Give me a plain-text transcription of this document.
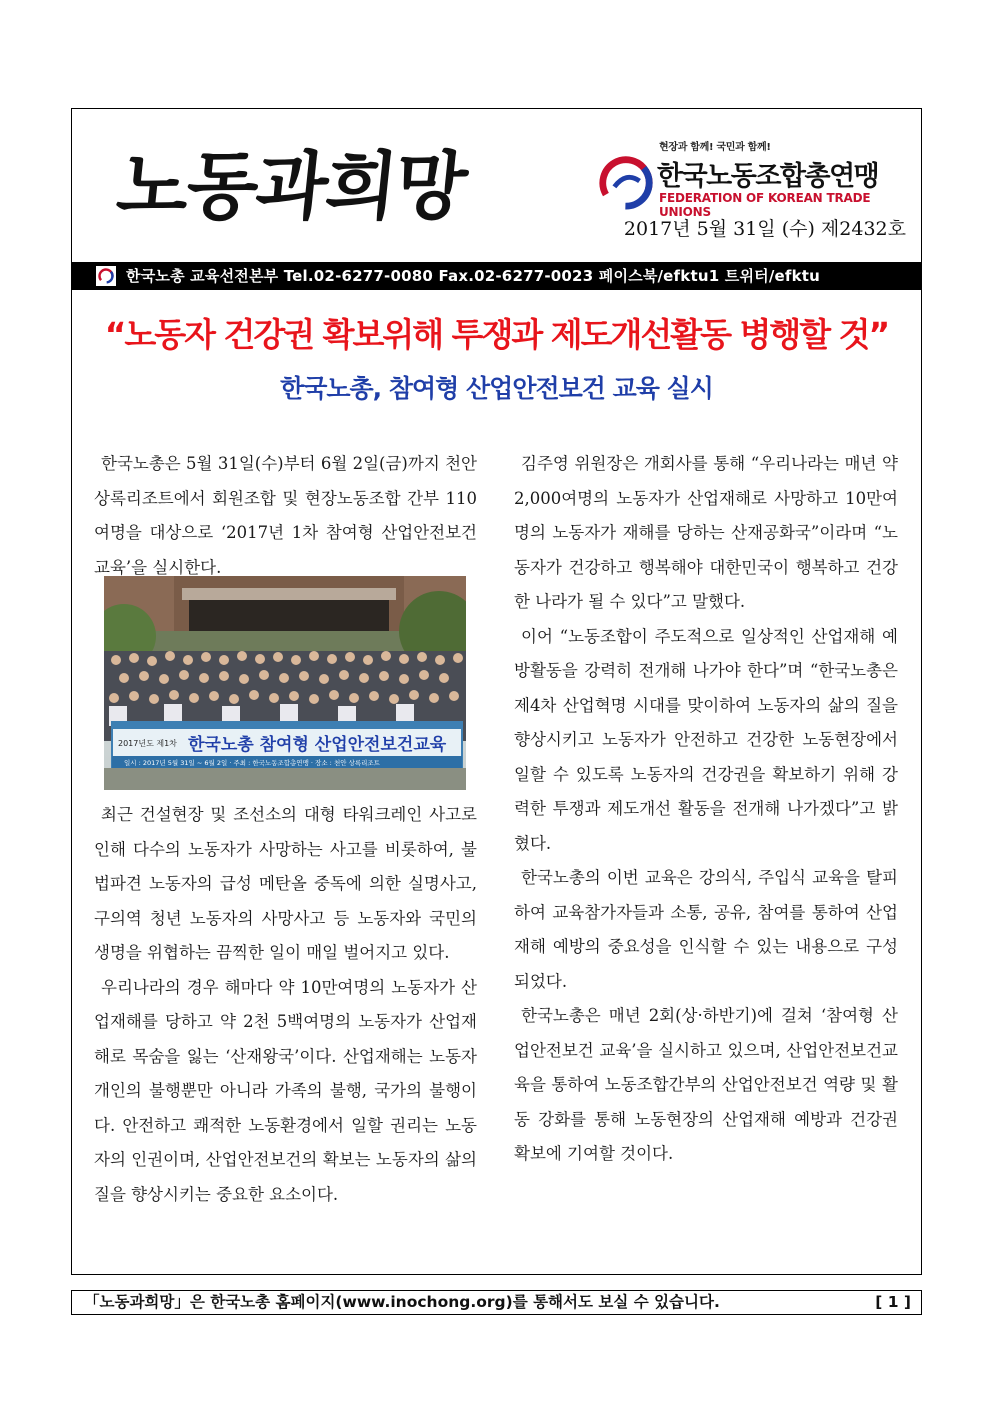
노동과희망	현장과 함께! 국민과 함께!
한국노동조합총연맹
FEDERATION OF KOREAN TRADE UNIONS
2017년 5월 31일 (수) 제2432호
한국노총 교육선전본부 Tel.02-6277-0080 Fax.02-6277-0023 페이스북/efktu1 트위터/efktu
“노동자 건강권 확보위해 투쟁과 제도개선활동 병행할 것”
한국노총, 참여형 산업안전보건 교육 실시

한국노총은 5월 31일(수)부터 6월 2일(금)까지 천안 상록리조트에서 회원조합 및 현장노동조합 간부 110여명을 대상으로 ‘2017년 1차 참여형 산업안전보건 교육’을 실시한다.

2017년도 제1차 한국노총 참여형 산업안전보건교육
일시 : 2017년 5월 31일 ~ 6월 2일 · 주최 : 한국노동조합총연맹 · 장소 : 천안 상록리조트

최근 건설현장 및 조선소의 대형 타워크레인 사고로 인해 다수의 노동자가 사망하는 사고를 비롯하여, 불법파견 노동자의 급성 메탄올 중독에 의한 실명사고, 구의역 청년 노동자의 사망사고 등 노동자와 국민의 생명을 위협하는 끔찍한 일이 매일 벌어지고 있다.

우리나라의 경우 해마다 약 10만여명의 노동자가 산업재해를 당하고 약 2천 5백여명의 노동자가 산업재해로 목숨을 잃는 ‘산재왕국’이다. 산업재해는 노동자 개인의 불행뿐만 아니라 가족의 불행, 국가의 불행이다. 안전하고 쾌적한 노동환경에서 일할 권리는 노동자의 인권이며, 산업안전보건의 확보는 노동자의 삶의 질을 향상시키는 중요한 요소이다.

김주영 위원장은 개회사를 통해 “우리나라는 매년 약 2,000여명의 노동자가 산업재해로 사망하고 10만여명의 노동자가 재해를 당하는 산재공화국”이라며 “노동자가 건강하고 행복해야 대한민국이 행복하고 건강한 나라가 될 수 있다”고 말했다.

이어 “노동조합이 주도적으로 일상적인 산업재해 예방활동을 강력히 전개해 나가야 한다”며 “한국노총은 제4차 산업혁명 시대를 맞이하여 노동자의 삶의 질을 향상시키고 노동자가 안전하고 건강한 노동현장에서 일할 수 있도록 노동자의 건강권을 확보하기 위해 강력한 투쟁과 제도개선 활동을 전개해 나가겠다”고 밝혔다.

한국노총의 이번 교육은 강의식, 주입식 교육을 탈피하여 교육참가자들과 소통, 공유, 참여를 통하여 산업재해 예방의 중요성을 인식할 수 있는 내용으로 구성되었다.

한국노총은 매년 2회(상·하반기)에 걸쳐 ‘참여형 산업안전보건 교육’을 실시하고 있으며, 산업안전보건교육을 통하여 노동조합간부의 산업안전보건 역량 및 활동 강화를 통해 노동현장의 산업재해 예방과 건강권 확보에 기여할 것이다.

「노동과희망」은 한국노총 홈페이지(www.inochong.org)를 통해서도 보실 수 있습니다.	[ 1 ]
